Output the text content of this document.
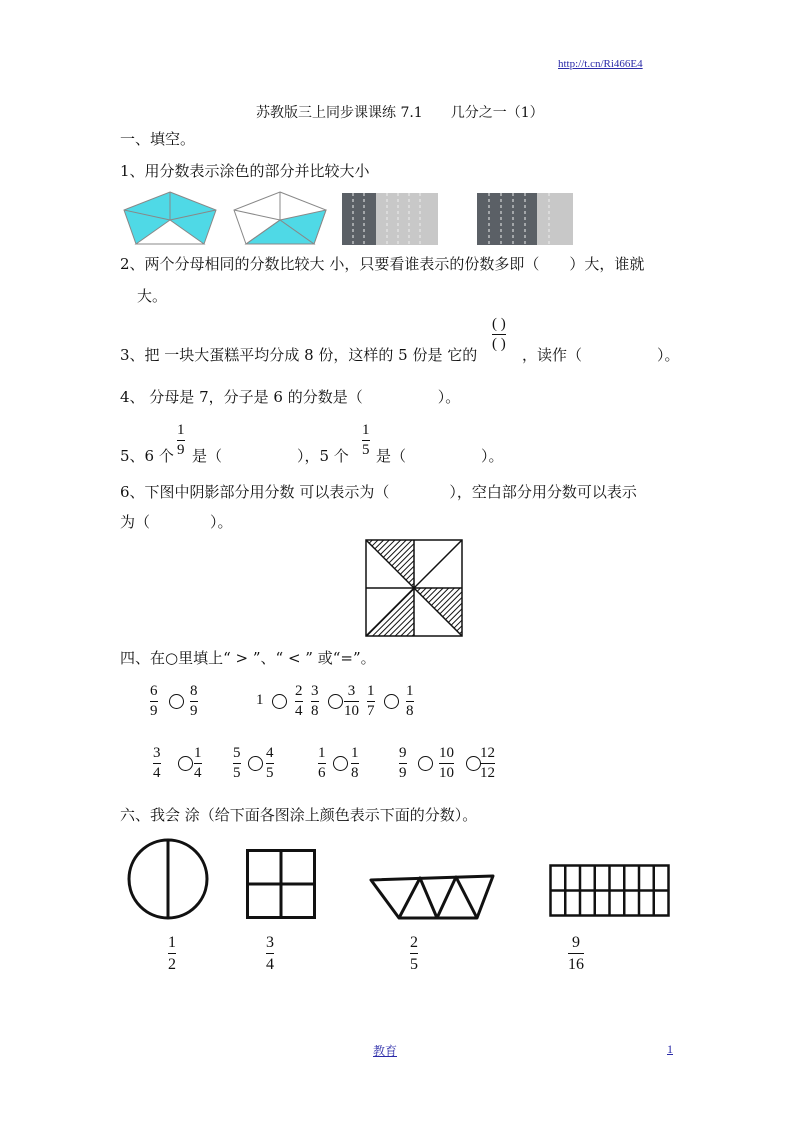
http://t.cn/Ri466E4
苏教版三上同步课课练 7.1　　几分之一（1）
一、填空。
1、用分数表示涂色的部分并比较大小
2、两个分母相同的分数比较大 小，只要看谁表示的份数多即（　　）大，谁就
大。
3、把 一块大蛋糕平均分成 8 份，这样的 5 份是 它的
( )
( )
，读作（　　　　　）。
4、 分母是 7，分子是 6 的分数是（　　　　　）。
5、6 个
1
9 是（　　　　　），5 个
1
5 是（　　　　　）。
6、下图中阴影部分用分数 可以表示为（　　　　），空白部分用分数可以表示
为（　　　　）。
四、在○里填上“ > ”、“ < ” 或“=”。
6
9
8
9
1
2
4
3
8
3
10
1
7
1
8
3
4
1
4
5
5
4
5
1
6
1
8
9
9
10
10
12
12
六、我会 涂（给下面各图涂上颜色表示下面的分数）。
1
2
3
4
2
5
9
16
教育	1
